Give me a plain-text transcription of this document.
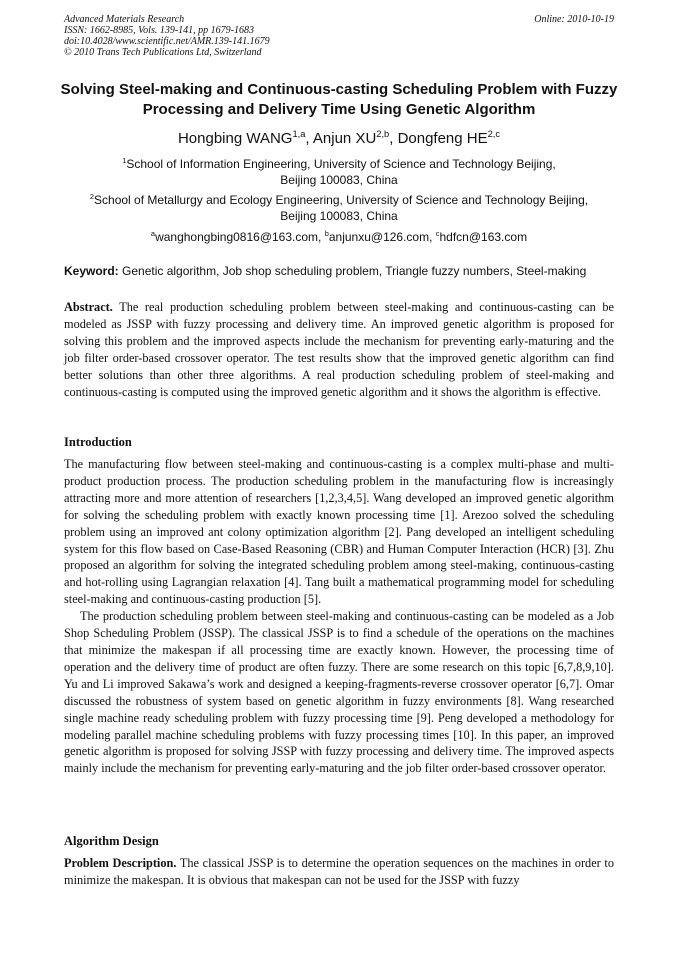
Advanced Materials Research
ISSN: 1662-8985, Vols. 139-141, pp 1679-1683
doi:10.4028/www.scientific.net/AMR.139-141.1679
© 2010 Trans Tech Publications Ltd, Switzerland
Online: 2010-10-19
Solving Steel-making and Continuous-casting Scheduling Problem with Fuzzy Processing and Delivery Time Using Genetic Algorithm
Hongbing WANG$^{1,a}$, Anjun XU$^{2,b}$, Dongfeng HE$^{2,c}$
$^1$School of Information Engineering, University of Science and Technology Beijing,
Beijing 100083, China
$^2$School of Metallurgy and Ecology Engineering, University of Science and Technology Beijing,
Beijing 100083, China
$^a$wanghongbing0816@163.com, $^b$anjunxu@126.com, $^c$hdfcn@163.com
Keyword: Genetic algorithm, Job shop scheduling problem, Triangle fuzzy numbers, Steel-making
Abstract. The real production scheduling problem between steel-making and continuous-casting can be modeled as JSSP with fuzzy processing and delivery time. An improved genetic algorithm is proposed for solving this problem and the improved aspects include the mechanism for preventing early-maturing and the job filter order-based crossover operator. The test results show that the improved genetic algorithm can find better solutions than other three algorithms. A real production scheduling problem of steel-making and continuous-casting is computed using the improved genetic algorithm and it shows the algorithm is effective.
Introduction

The manufacturing flow between steel-making and continuous-casting is a complex multi-phase and multi-product production process. The production scheduling problem in the manufacturing flow is increasingly attracting more and more attention of researchers [1,2,3,4,5]. Wang developed an improved genetic algorithm for solving the scheduling problem with exactly known processing time [1]. Arezoo solved the scheduling problem using an improved ant colony optimization algorithm [2]. Pang developed an intelligent scheduling system for this flow based on Case-Based Reasoning (CBR) and Human Computer Interaction (HCR) [3]. Zhu proposed an algorithm for solving the integrated scheduling problem among steel-making, continuous-casting and hot-rolling using Lagrangian relaxation [4]. Tang built a mathematical programming model for scheduling steel-making and continuous-casting production [5].

The production scheduling problem between steel-making and continuous-casting can be modeled as a Job Shop Scheduling Problem (JSSP). The classical JSSP is to find a schedule of the operations on the machines that minimize the makespan if all processing time are exactly known. However, the processing time of operation and the delivery time of product are often fuzzy. There are some research on this topic [6,7,8,9,10]. Yu and Li improved Sakawa’s work and designed a keeping-fragments-reverse crossover operator [6,7]. Omar discussed the robustness of system based on genetic algorithm in fuzzy environments [8]. Wang researched single machine ready scheduling problem with fuzzy processing time [9]. Peng developed a methodology for modeling parallel machine scheduling problems with fuzzy processing times [10]. In this paper, an improved genetic algorithm is proposed for solving JSSP with fuzzy processing and delivery time. The improved aspects mainly include the mechanism for preventing early-maturing and the job filter order-based crossover operator.

Algorithm Design

Problem Description. The classical JSSP is to determine the operation sequences on the machines in order to minimize the makespan. It is obvious that makespan can not be used for the JSSP with fuzzy
